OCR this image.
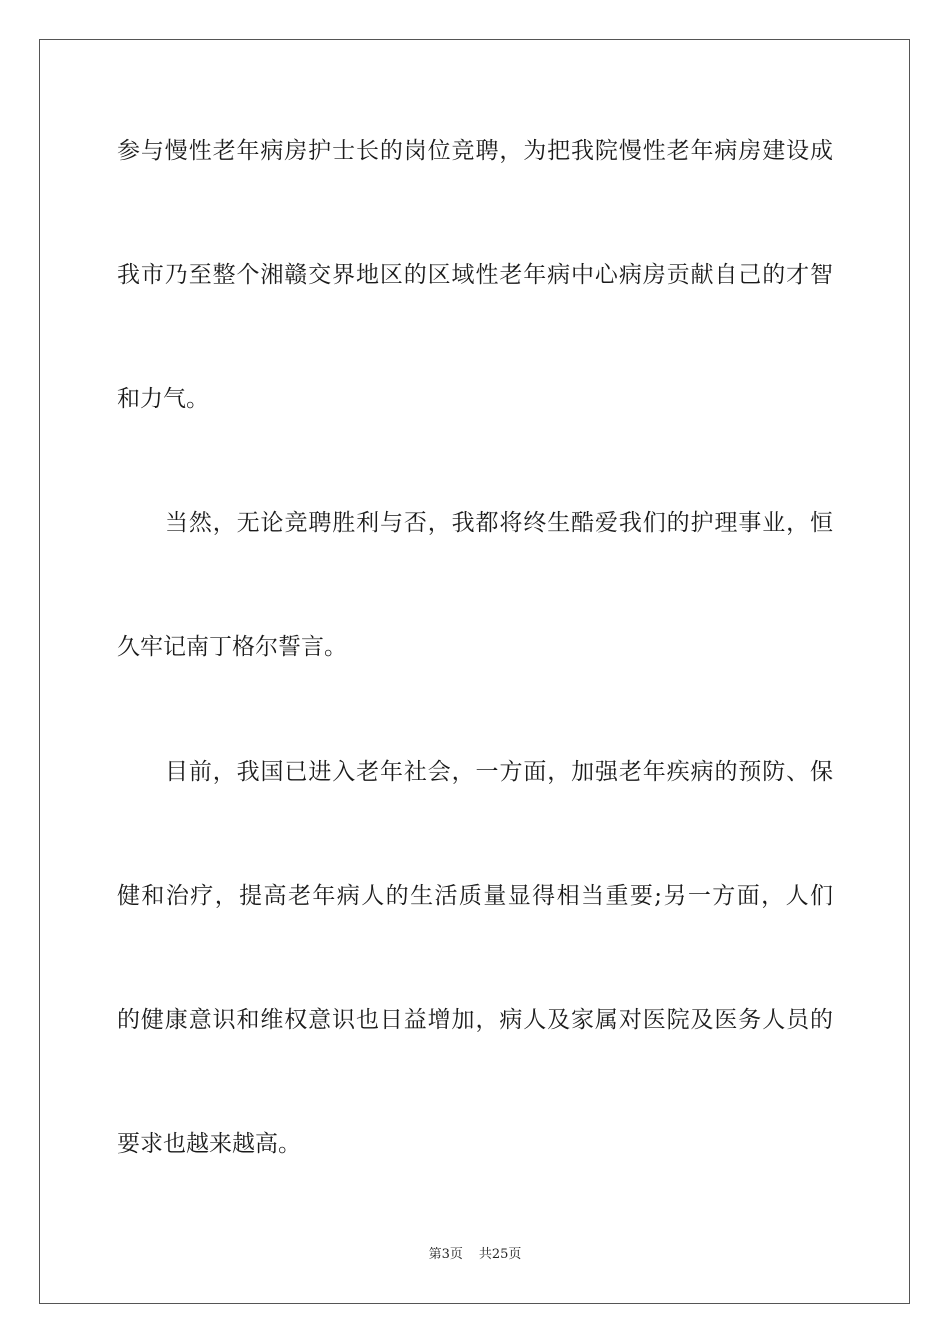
参与慢性老年病房护士长的岗位竞聘，为把我院慢性老年病房建设成
我市乃至整个湘赣交界地区的区域性老年病中心病房贡献自己的才智
和力气。
当然，无论竞聘胜利与否，我都将终生酷爱我们的护理事业，恒
久牢记南丁格尔誓言。
目前，我国已进入老年社会，一方面，加强老年疾病的预防、保
健和治疗，提高老年病人的生活质量显得相当重要;另一方面，人们
的健康意识和维权意识也日益增加，病人及家属对医院及医务人员的
要求也越来越高。
第3页 共25页
